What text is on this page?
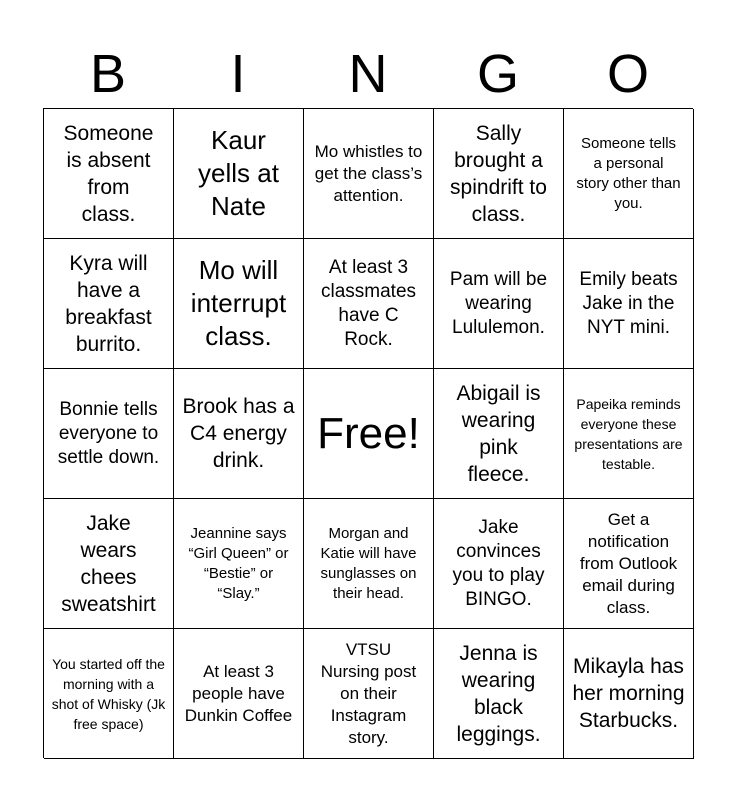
B	I	N	G	O
Someone is absent from class.
Kaur yells at Nate
Mo whistles to get the class’s attention.
Sally brought a spindrift to class.
Someone tells a personal story other than you.
Kyra will have a breakfast burrito.
Mo will interrupt class.
At least 3 classmates have C Rock.
Pam will be wearing Lululemon.
Emily beats Jake in the NYT mini.
Bonnie tells everyone to settle down.
Brook has a C4 energy drink.
Free!
Abigail is wearing pink fleece.
Papeika reminds everyone these presentations are testable.
Jake wears chees sweatshirt
Jeannine says “Girl Queen” or “Bestie” or “Slay.”
Morgan and Katie will have sunglasses on their head.
Jake convinces you to play BINGO.
Get a notification from Outlook email during class.
You started off the morning with a shot of Whisky (Jk free space)
At least 3 people have Dunkin Coffee
VTSU Nursing post on their Instagram story.
Jenna is wearing black leggings.
Mikayla has her morning Starbucks.
